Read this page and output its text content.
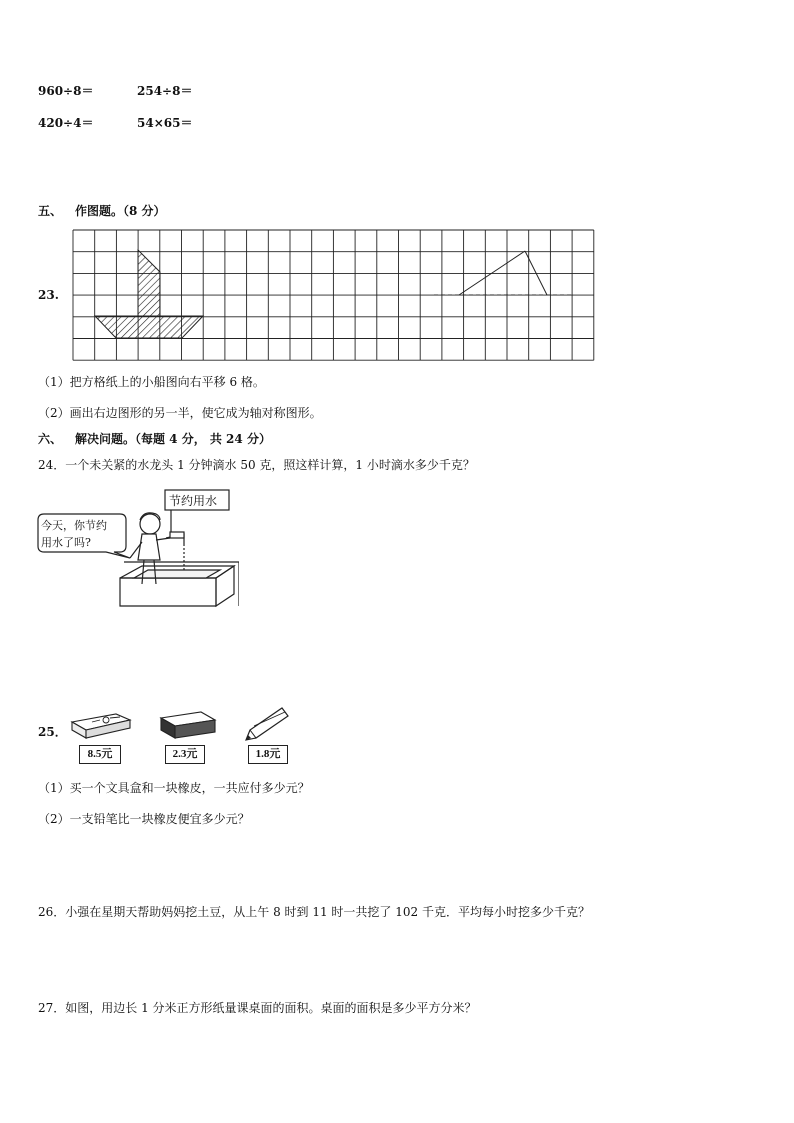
960÷8＝	254÷8＝
420÷4＝	54×65＝
五、 作图题。（8 分）
23.
（1）把方格纸上的小船图向右平移 6 格。
（2）画出右边图形的另一半，使它成为轴对称图形。
六、 解决问题。（每题 4 分， 共 24 分）
24．一个未关紧的水龙头 1 分钟滴水 50 克，照这样计算，1 小时滴水多少千克？
节约用水
今天，你节约
用水了吗?
25．
8.5元	2.3元	1.8元
（1）买一个文具盒和一块橡皮，一共应付多少元？
（2）一支铅笔比一块橡皮便宜多少元？
26．小强在星期天帮助妈妈挖土豆，从上午 8 时到 11 时一共挖了 102 千克．平均每小时挖多少千克？
27．如图，用边长 1 分米正方形纸量课桌面的面积。桌面的面积是多少平方分米？
